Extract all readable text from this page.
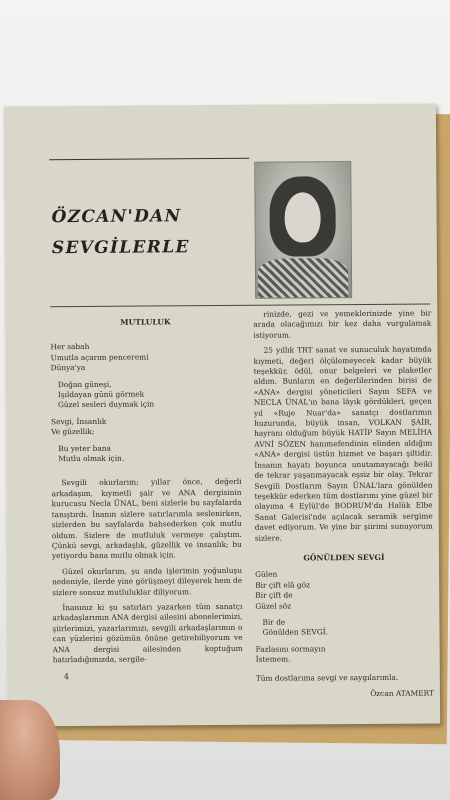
ÖZCAN'DAN
SEVGİLERLE
MUTLULUK
Her sabah
Umutla açarım penceremi
Dünya'ya
Doğan güneşi,
Işıldayan günü görmek
Güzel sesleri duymak için
Sevgi, İnsanlık
Ve güzellik;
Bu yeter bana
Mutlu olmak için.

Sevgili okurlarım; yıllar önce, değerli arkadaşım, kıymetli şair ve ANA dergisinin kurucusu Necla ÜNAL, beni sizlerle bu sayfalarda tanıştırdı. İnanın sizlere satırlarımla seslenirken, sizlerden bu sayfalarda bahsederken çok mutlu oldum. Sizlere de mutluluk vermeye çalıştım. Çünkü sevgi, arkadaşlık, güzellik ve insanlık; bu yetiyordu bana mutlu olmak için.

Güzel okurlarım, şu anda işlerimin yoğunluşu nedeniyle, ilerde yine görüşmeyi dileyerek hem de sizlere sonsuz mutluluklar diliyorum.

İnanınız ki şu satırları yazarken tüm sanatçı arkadaşlarımın ANA dergisi ailesini abonelerimizi, şiirlerimizi, yazarlarımızı, sevgili arkadaşlarımın o can yüzlerini gözümün önüne getirebiliyorum ve ANA dergisi ailesinden koptuğum hatırladığımızda, sergile-

rinizde, gezi ve yemeklerinizde yine bir arada olacağımızı bir kez daha vurgulamak istiyorum.

25 yıllık TRT sanat ve sunuculuk hayatımda kıymeti, değeri ölçülemeyecek kadar büyük teşekkür, ödül, onur belgeleri ve plaketler aldım. Bunların en değerlilerinden birisi de «ANA» dergisi yöneticileri Sayın SEFA ve NECLA ÜNAL'ın bana lâyık gördükleri, geçen yıl «Ruje Nuar'da» sanatçı dostlarımın huzurunda, büyük insan, VOLKAN ŞAİR, hayranı olduğum büyük HATİP Sayın MELİHA AVNİ SÖZEN hanımefendinin elinden aldığım «ANA» dergisi üstün hizmet ve başarı şiltidir. İnsanın hayatı boyunca unutamayacağı beiki de tekrar yaşanmayacak eşsiz bir olay. Tekrar Sevgili Dostlarım Sayın ÜNAL'lara gönülden teşekkür ederken tüm dostlarımı yine güzel bir olayıma 4 Eylül'de BODRUM'da Halûk Elbe Sanat Galerisi'nde açılacak seramik sergime davet ediyorum. Ve yine bir şiirimi sunuyorum sizlere.

GÖNÜLDEN SEVGİ
Gülen
Bir çift elâ göz
Bir çift de
Güzel söz
Bir de
Gönülden SEVGİ.
Fazlasını sormayın
İstemem.
Tüm dostlarıma sevgi ve saygılarımla.
Özcan ATAMERT
4
